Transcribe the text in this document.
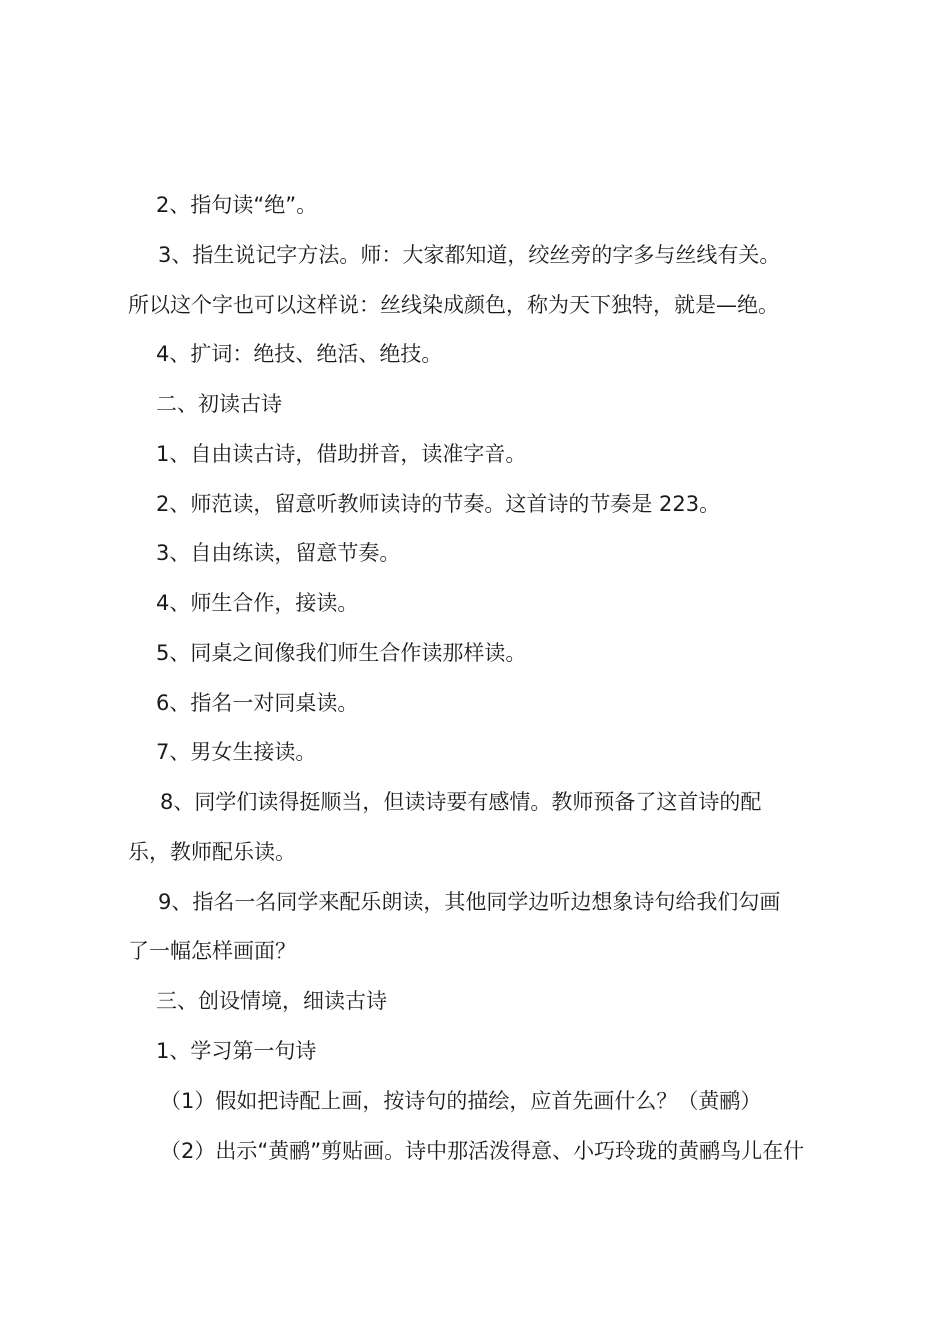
2、指句读“绝”。
3、指生说记字方法。师：大家都知道，绞丝旁的字多与丝线有关。
所以这个字也可以这样说：丝线染成颜色，称为天下独特，就是—绝。
4、扩词：绝技、绝活、绝技。
二、初读古诗
1、自由读古诗，借助拼音，读准字音。
2、师范读，留意听教师读诗的节奏。这首诗的节奏是 223。
3、自由练读，留意节奏。
4、师生合作，接读。
5、同桌之间像我们师生合作读那样读。
6、指名一对同桌读。
7、男女生接读。
8、同学们读得挺顺当，但读诗要有感情。教师预备了这首诗的配
乐，教师配乐读。
9、指名一名同学来配乐朗读，其他同学边听边想象诗句给我们勾画
了一幅怎样画面？
三、创设情境，细读古诗
1、学习第一句诗
（1）假如把诗配上画，按诗句的描绘，应首先画什么？（黄鹂）
（2）出示“黄鹂”剪贴画。诗中那活泼得意、小巧玲珑的黄鹂鸟儿在什
